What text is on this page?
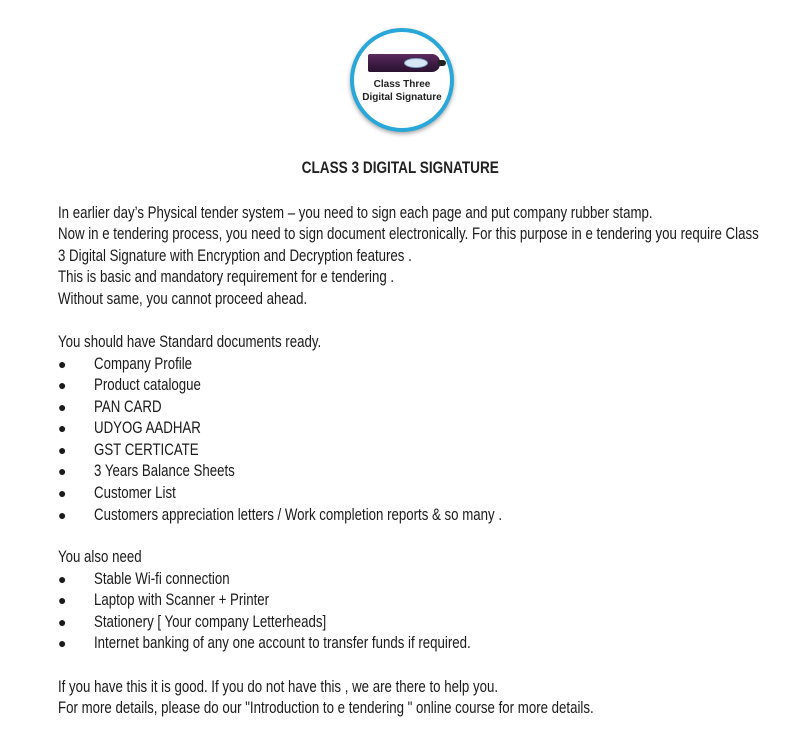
Class Three
Digital Signature
CLASS 3 DIGITAL SIGNATURE
In earlier day’s Physical tender system – you need to sign each page and put company rubber stamp.
Now in e tendering process, you need to sign document electronically. For this purpose in e tendering you require Class
3 Digital Signature with Encryption and Decryption features .
This is basic and mandatory requirement for e tendering .
Without same, you cannot proceed ahead.
You should have Standard documents ready.
● Company Profile
● Product catalogue
● PAN CARD
● UDYOG AADHAR
● GST CERTICATE
● 3 Years Balance Sheets
● Customer List
● Customers appreciation letters / Work completion reports & so many .
You also need
● Stable Wi-fi connection
● Laptop with Scanner + Printer
● Stationery [ Your company Letterheads]
● Internet banking of any one account to transfer funds if required.
If you have this it is good. If you do not have this , we are there to help you.
For more details, please do our "Introduction to e tendering " online course for more details.
